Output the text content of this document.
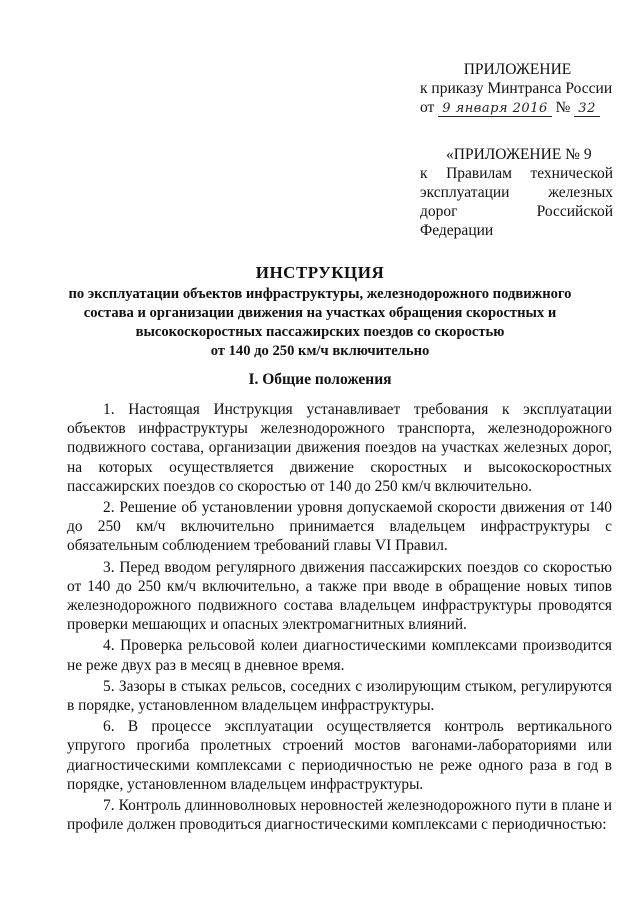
ПРИЛОЖЕНИЕ
к приказу Минтранса России
от 9 января 2016 № 32
«ПРИЛОЖЕНИЕ № 9
к Правилам технической
эксплуатации железных
дорог Российской Федерации
ИНСТРУКЦИЯ
по эксплуатации объектов инфраструктуры, железнодорожного подвижного
состава и организации движения на участках обращения скоростных и
высокоскоростных пассажирских поездов со скоростью
от 140 до 250 км/ч включительно
I. Общие положения

1. Настоящая Инструкция устанавливает требования к эксплуатации объектов инфраструктуры железнодорожного транспорта, железнодорожного подвижного состава, организации движения поездов на участках железных дорог, на которых осуществляется движение скоростных и высокоскоростных пассажирских поездов со скоростью от 140 до 250 км/ч включительно.

2. Решение об установлении уровня допускаемой скорости движения от 140 до 250 км/ч включительно принимается владельцем инфраструктуры с обязательным соблюдением требований главы VI Правил.

3. Перед вводом регулярного движения пассажирских поездов со скоростью от 140 до 250 км/ч включительно, а также при вводе в обращение новых типов железнодорожного подвижного состава владельцем инфраструктуры проводятся проверки мешающих и опасных электромагнитных влияний.

4. Проверка рельсовой колеи диагностическими комплексами производится не реже двух раз в месяц в дневное время.

5. Зазоры в стыках рельсов, соседних с изолирующим стыком, регулируются в порядке, установленном владельцем инфраструктуры.

6. В процессе эксплуатации осуществляется контроль вертикального упругого прогиба пролетных строений мостов вагонами-лабораториями или диагностическими комплексами с периодичностью не реже одного раза в год в порядке, установленном владельцем инфраструктуры.

7. Контроль длинноволновых неровностей железнодорожного пути в плане и профиле должен проводиться диагностическими комплексами с периодичностью:
